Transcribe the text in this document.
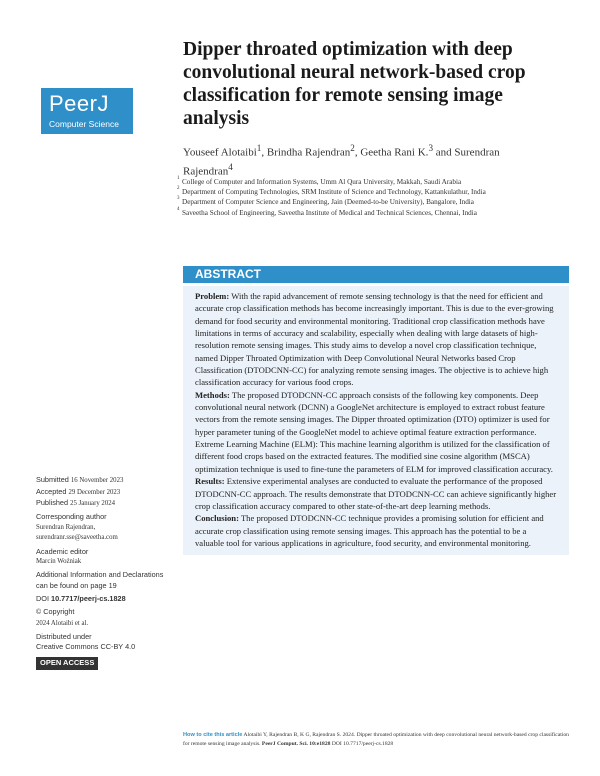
PeerJ
Computer Science
Dipper throated optimization with deep convolutional neural network-based crop classification for remote sensing image analysis
Youseef Alotaibi$^1$, Brindha Rajendran$^2$, Geetha Rani K.$^3$ and Surendran Rajendran$^4$
1 College of Computer and Information Systems, Umm Al Qura University, Makkah, Saudi Arabia
2 Department of Computing Technologies, SRM Institute of Science and Technology, Kattankulathur, India
3 Department of Computer Science and Engineering, Jain (Deemed-to-be University), Bangalore, India
4 Saveetha School of Engineering, Saveetha Institute of Medical and Technical Sciences, Chennai, India
ABSTRACT

Problem: With the rapid advancement of remote sensing technology is that the need for efficient and accurate crop classification methods has become increasingly important. This is due to the ever-growing demand for food security and environmental monitoring. Traditional crop classification methods have limitations in terms of accuracy and scalability, especially when dealing with large datasets of high-resolution remote sensing images. This study aims to develop a novel crop classification technique, named Dipper Throated Optimization with Deep Convolutional Neural Networks based Crop Classification (DTODCNN-CC) for analyzing remote sensing images. The objective is to achieve high classification accuracy for various food crops.

Methods: The proposed DTODCNN-CC approach consists of the following key components. Deep convolutional neural network (DCNN) a GoogleNet architecture is employed to extract robust feature vectors from the remote sensing images. The Dipper throated optimization (DTO) optimizer is used for hyper parameter tuning of the GoogleNet model to achieve optimal feature extraction performance. Extreme Learning Machine (ELM): This machine learning algorithm is utilized for the classification of different food crops based on the extracted features. The modified sine cosine algorithm (MSCA) optimization technique is used to fine-tune the parameters of ELM for improved classification accuracy.

Results: Extensive experimental analyses are conducted to evaluate the performance of the proposed DTODCNN-CC approach. The results demonstrate that DTODCNN-CC can achieve significantly higher crop classification accuracy compared to other state-of-the-art deep learning methods.

Conclusion: The proposed DTODCNN-CC technique provides a promising solution for efficient and accurate crop classification using remote sensing images. This approach has the potential to be a valuable tool for various applications in agriculture, food security, and environmental monitoring.

Submitted 16 November 2023
Accepted 29 December 2023
Published 25 January 2024
Corresponding author
Surendran Rajendran,
surendranr.sse@saveetha.com
Academic editor
Marcin Woźniak
Additional Information and Declarations can be found on page 19
DOI 10.7717/peerj-cs.1828
© Copyright
2024 Alotaibi et al.
Distributed under
Creative Commons CC-BY 4.0
OPEN ACCESS
How to cite this article Alotaibi Y, Rajendran B, K G, Rajendran S. 2024. Dipper throated optimization with deep convolutional neural network-based crop classification for remote sensing image analysis. PeerJ Comput. Sci. 10:e1828 DOI 10.7717/peerj-cs.1828
